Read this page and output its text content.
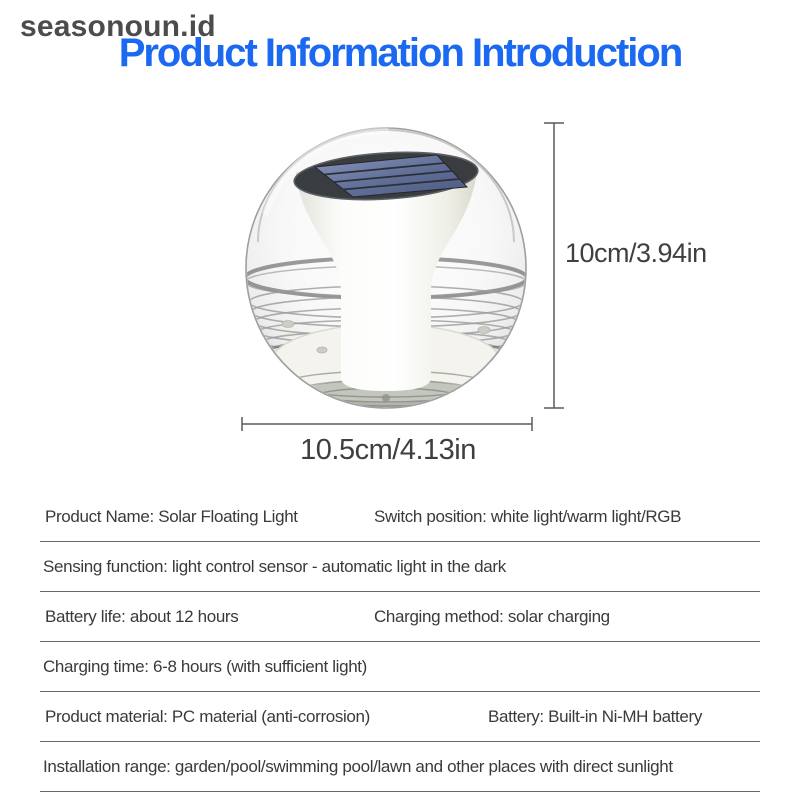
seasonoun.id
Product Information Introduction
10cm/3.94in
10.5cm/4.13in
Product Name: Solar Floating Light	Switch position: white light/warm light/RGB
Sensing function: light control sensor - automatic light in the dark
Battery life: about 12 hours	Charging method: solar charging
Charging time: 6-8 hours (with sufficient light)
Product material: PC material (anti-corrosion)	Battery: Built-in Ni-MH battery
Installation range: garden/pool/swimming pool/lawn and other places with direct sunlight
